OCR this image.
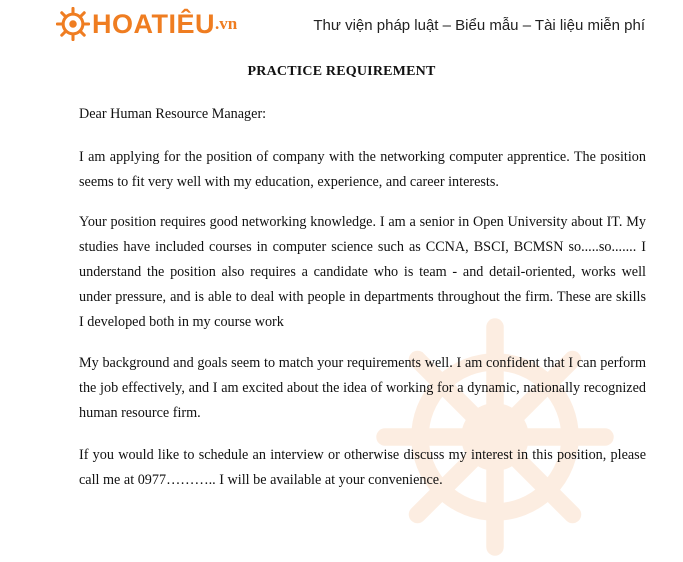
HOATIÊU .vn	Thư viện pháp luật – Biểu mẫu – Tài liệu miễn phí
PRACTICE REQUIREMENT

Dear Human Resource Manager:

I am applying for the position of company with the networking computer apprentice. The position seems to fit very well with my education, experience, and career interests.

Your position requires good networking knowledge. I am a senior in Open University about IT. My studies have included courses in computer science such as CCNA, BSCI, BCMSN so.....so....... I understand the position also requires a candidate who is team - and detail-oriented, works well under pressure, and is able to deal with people in departments throughout the firm. These are skills I developed both in my course work

My background and goals seem to match your requirements well. I am confident that I can perform the job effectively, and I am excited about the idea of working for a dynamic, nationally recognized human resource firm.

If you would like to schedule an interview or otherwise discuss my interest in this position, please call me at 0977……….. I will be available at your convenience.
